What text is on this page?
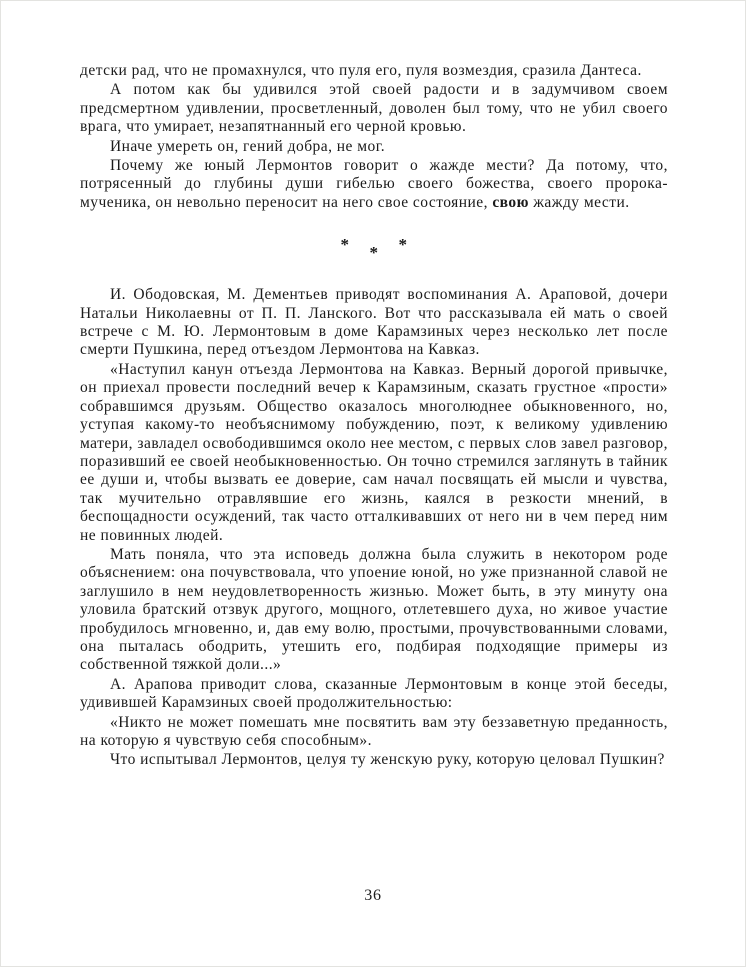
детски рад, что не промахнулся, что пуля его, пуля возмездия, сразила Дантеса.

А потом как бы удивился этой своей радости и в задумчивом своем предсмертном удивлении, просветленный, доволен был тому, что не убил своего врага, что умирает, незапятнанный его черной кровью.

Иначе умереть он, гений добра, не мог.

Почему же юный Лермонтов говорит о жажде мести? Да потому, что, потрясенный до глубины души гибелью своего божества, своего пророка-мученика, он невольно переносит на него свое состояние, свою жажду мести.

* * *

И. Ободовская, М. Дементьев приводят воспоминания А. Араповой, дочери Натальи Николаевны от П. П. Ланского. Вот что рассказывала ей мать о своей встрече с М. Ю. Лермонтовым в доме Карамзиных через несколько лет после смерти Пушкина, перед отъездом Лермонтова на Кавказ.

«Наступил канун отъезда Лермонтова на Кавказ. Верный дорогой привычке, он приехал провести последний вечер к Карамзиным, сказать грустное «прости» собравшимся друзьям. Общество оказалось многолюднее обыкновенного, но, уступая какому-то необъяснимому побуждению, поэт, к великому удивлению матери, завладел освободившимся около нее местом, с первых слов завел разговор, поразивший ее своей необыкновенностью. Он точно стремился заглянуть в тайник ее души и, чтобы вызвать ее доверие, сам начал посвящать ей мысли и чувства, так мучительно отравлявшие его жизнь, каялся в резкости мнений, в беспощадности осуждений, так часто отталкивавших от него ни в чем перед ним не повинных людей.

Мать поняла, что эта исповедь должна была служить в некотором роде объяснением: она почувствовала, что упоение юной, но уже признанной славой не заглушило в нем неудовлетворенность жизнью. Может быть, в эту минуту она уловила братский отзвук другого, мощного, отлетевшего духа, но живое участие пробудилось мгновенно, и, дав ему волю, простыми, прочувствованными словами, она пыталась ободрить, утешить его, подбирая подходящие примеры из собственной тяжкой доли...»

А. Арапова приводит слова, сказанные Лермонтовым в конце этой беседы, удивившей Карамзиных своей продолжительностью:

«Никто не может помешать мне посвятить вам эту беззаветную преданность, на которую я чувствую себя способным».

Что испытывал Лермонтов, целуя ту женскую руку, которую целовал Пушкин?

36
